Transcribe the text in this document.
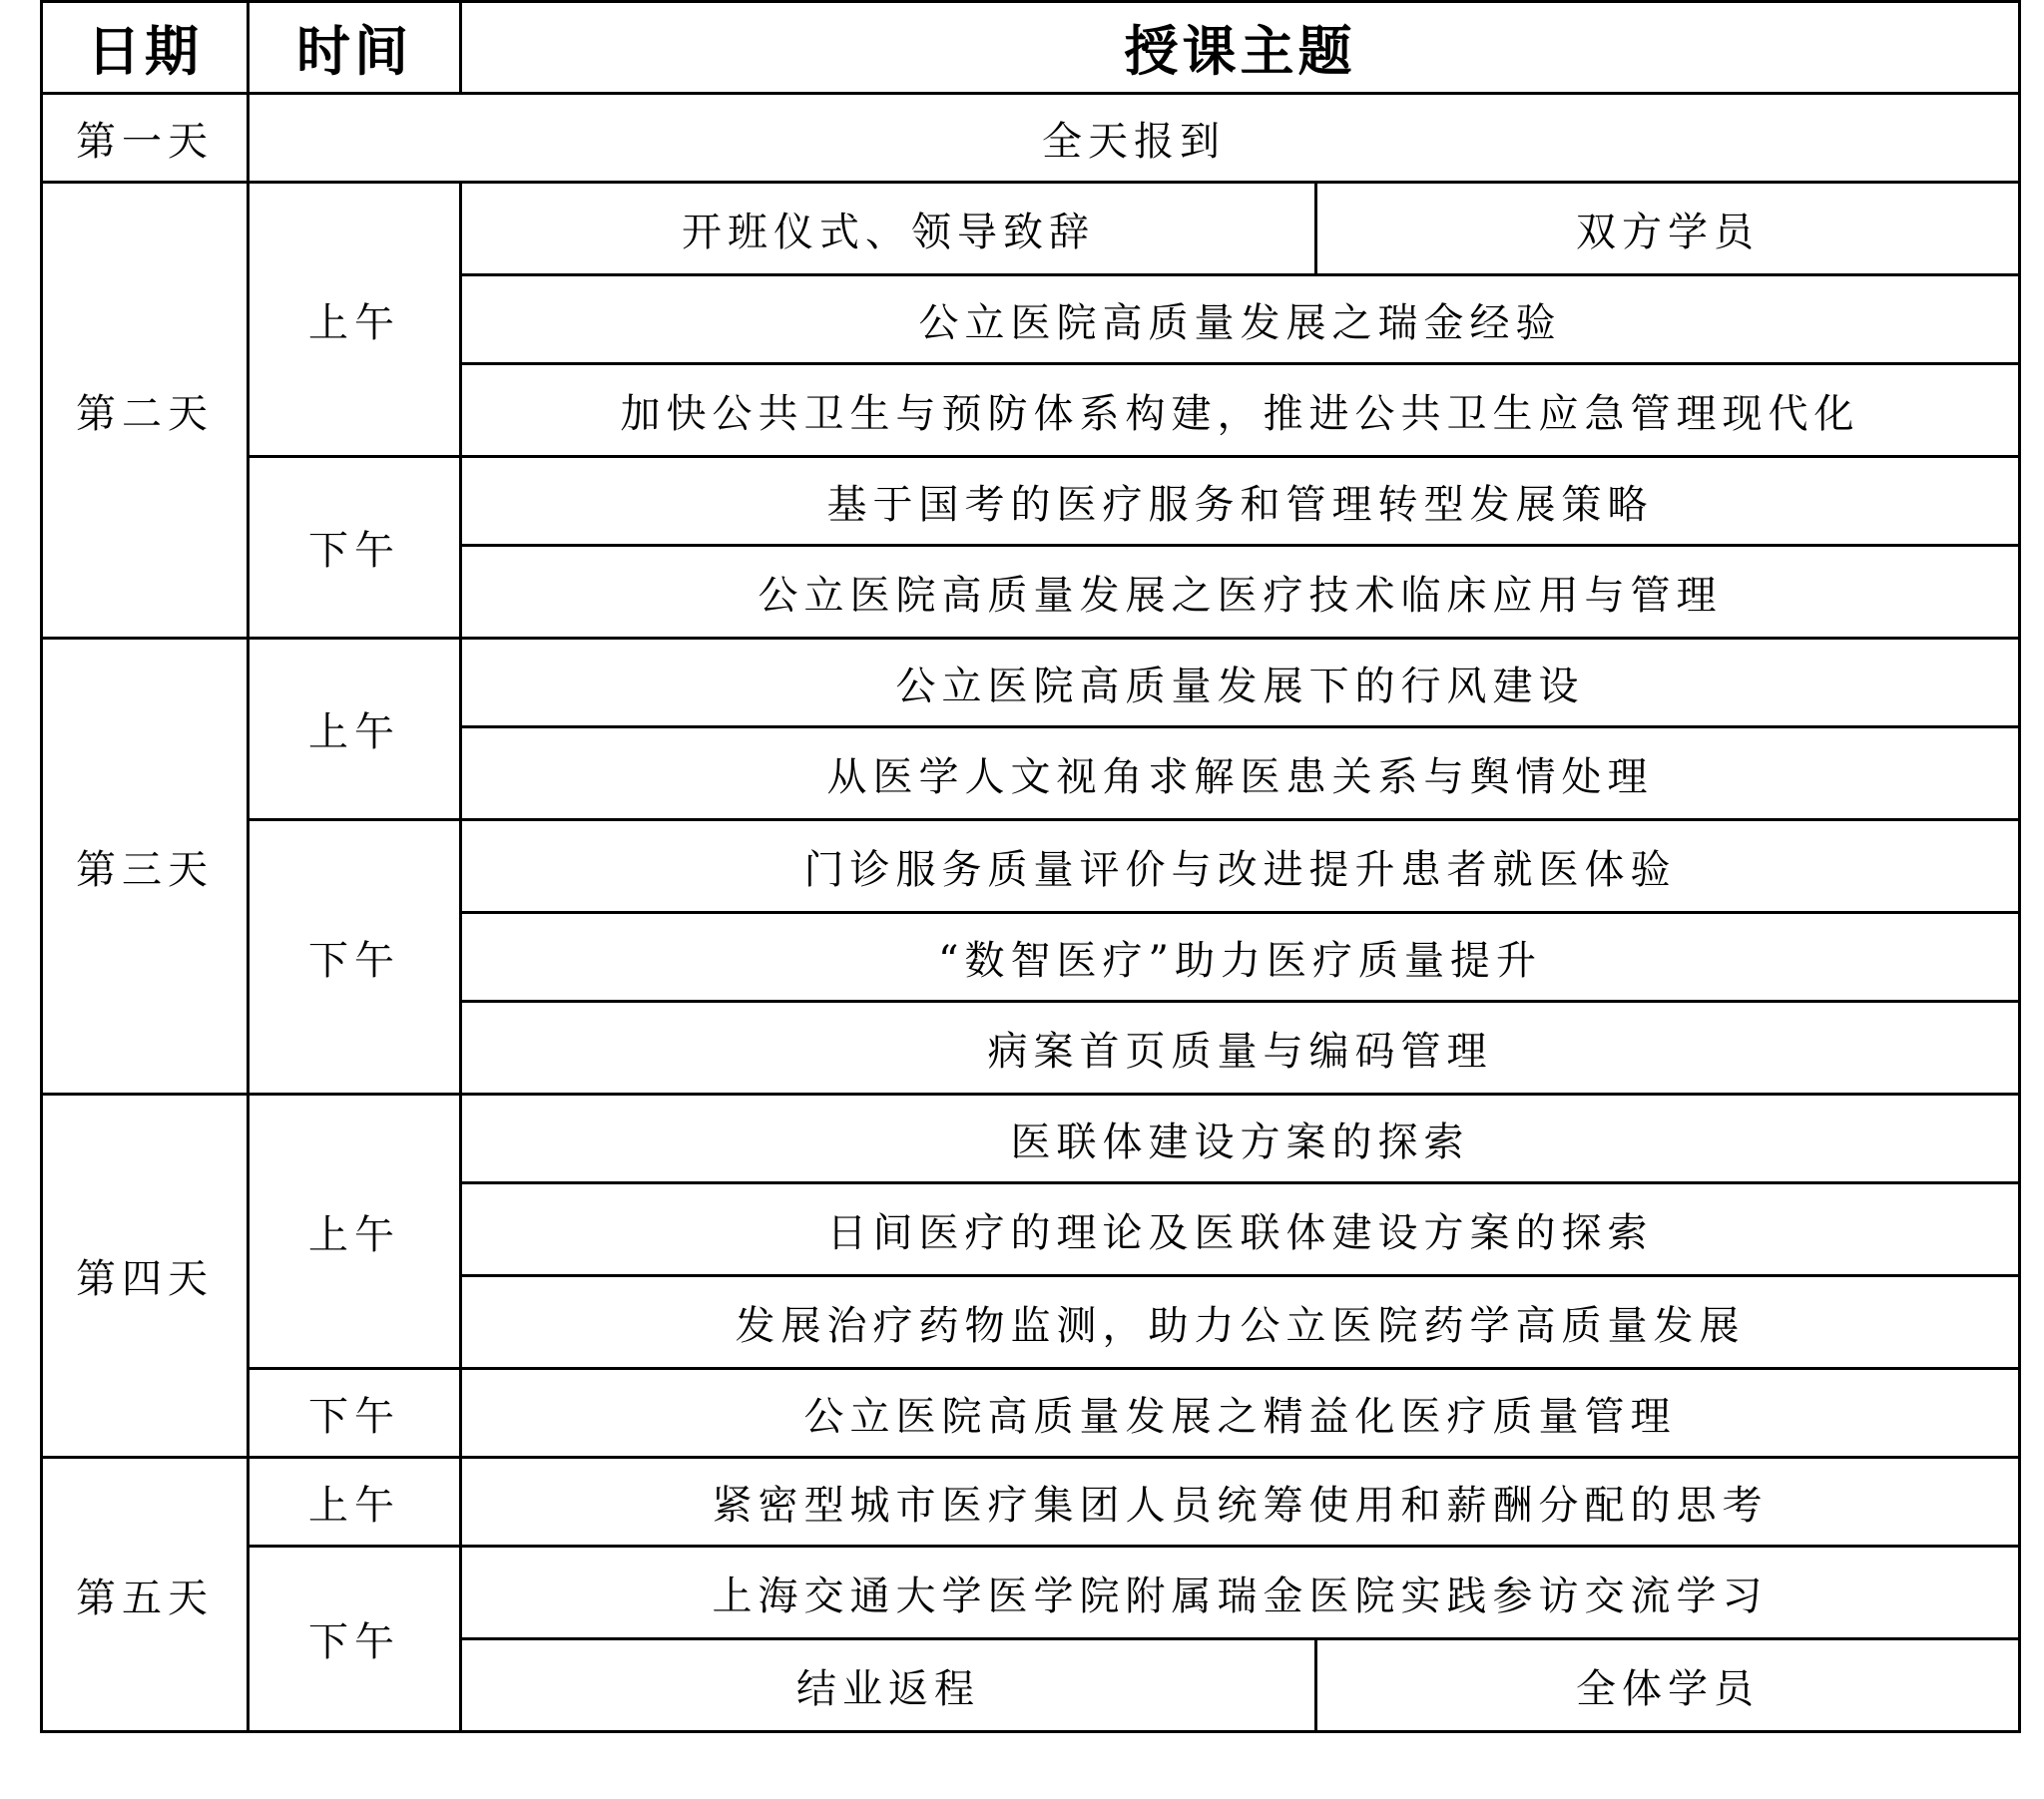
日期	时间	授课主题	
第一天	全天报到		
第二天	上午	开班仪式、领导致辞	双方学员
		公立医院高质量发展之瑞金经验	
		加快公共卫生与预防体系构建，推进公共卫生应急管理现代化	
	下午	基于国考的医疗服务和管理转型发展策略	
		公立医院高质量发展之医疗技术临床应用与管理	
第三天	上午	公立医院高质量发展下的行风建设	
		从医学人文视角求解医患关系与舆情处理	
	下午	门诊服务质量评价与改进提升患者就医体验	
		“数智医疗”助力医疗质量提升	
		病案首页质量与编码管理	
第四天	上午	医联体建设方案的探索	
		日间医疗的理论及医联体建设方案的探索	
		发展治疗药物监测，助力公立医院药学高质量发展	
	下午	公立医院高质量发展之精益化医疗质量管理	
第五天	上午	紧密型城市医疗集团人员统筹使用和薪酬分配的思考	
	下午	上海交通大学医学院附属瑞金医院实践参访交流学习	
		结业返程	全体学员
